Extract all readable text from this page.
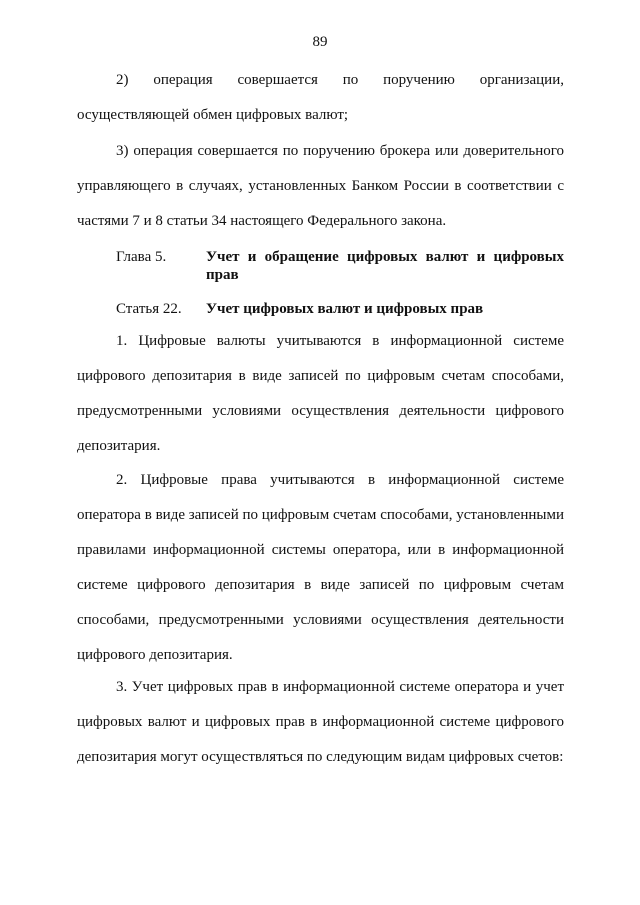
89

2) операция совершается по поручению организации, осуществляющей обмен цифровых валют;

3) операция совершается по поручению брокера или доверительного управляющего в случаях, установленных Банком России в соответствии с частями 7 и 8 статьи 34 настоящего Федерального закона.

Глава 5.	Учет и обращение цифровых валют и цифровых прав
Статья 22.	Учет цифровых валют и цифровых прав

1. Цифровые валюты учитываются в информационной системе цифрового депозитария в виде записей по цифровым счетам способами, предусмотренными условиями осуществления деятельности цифрового депозитария.

2. Цифровые права учитываются в информационной системе оператора в виде записей по цифровым счетам способами, установленными правилами информационной системы оператора, или в информационной системе цифрового депозитария в виде записей по цифровым счетам способами, предусмотренными условиями осуществления деятельности цифрового депозитария.

3. Учет цифровых прав в информационной системе оператора и учет цифровых валют и цифровых прав в информационной системе цифрового депозитария могут осуществляться по следующим видам цифровых счетов:
